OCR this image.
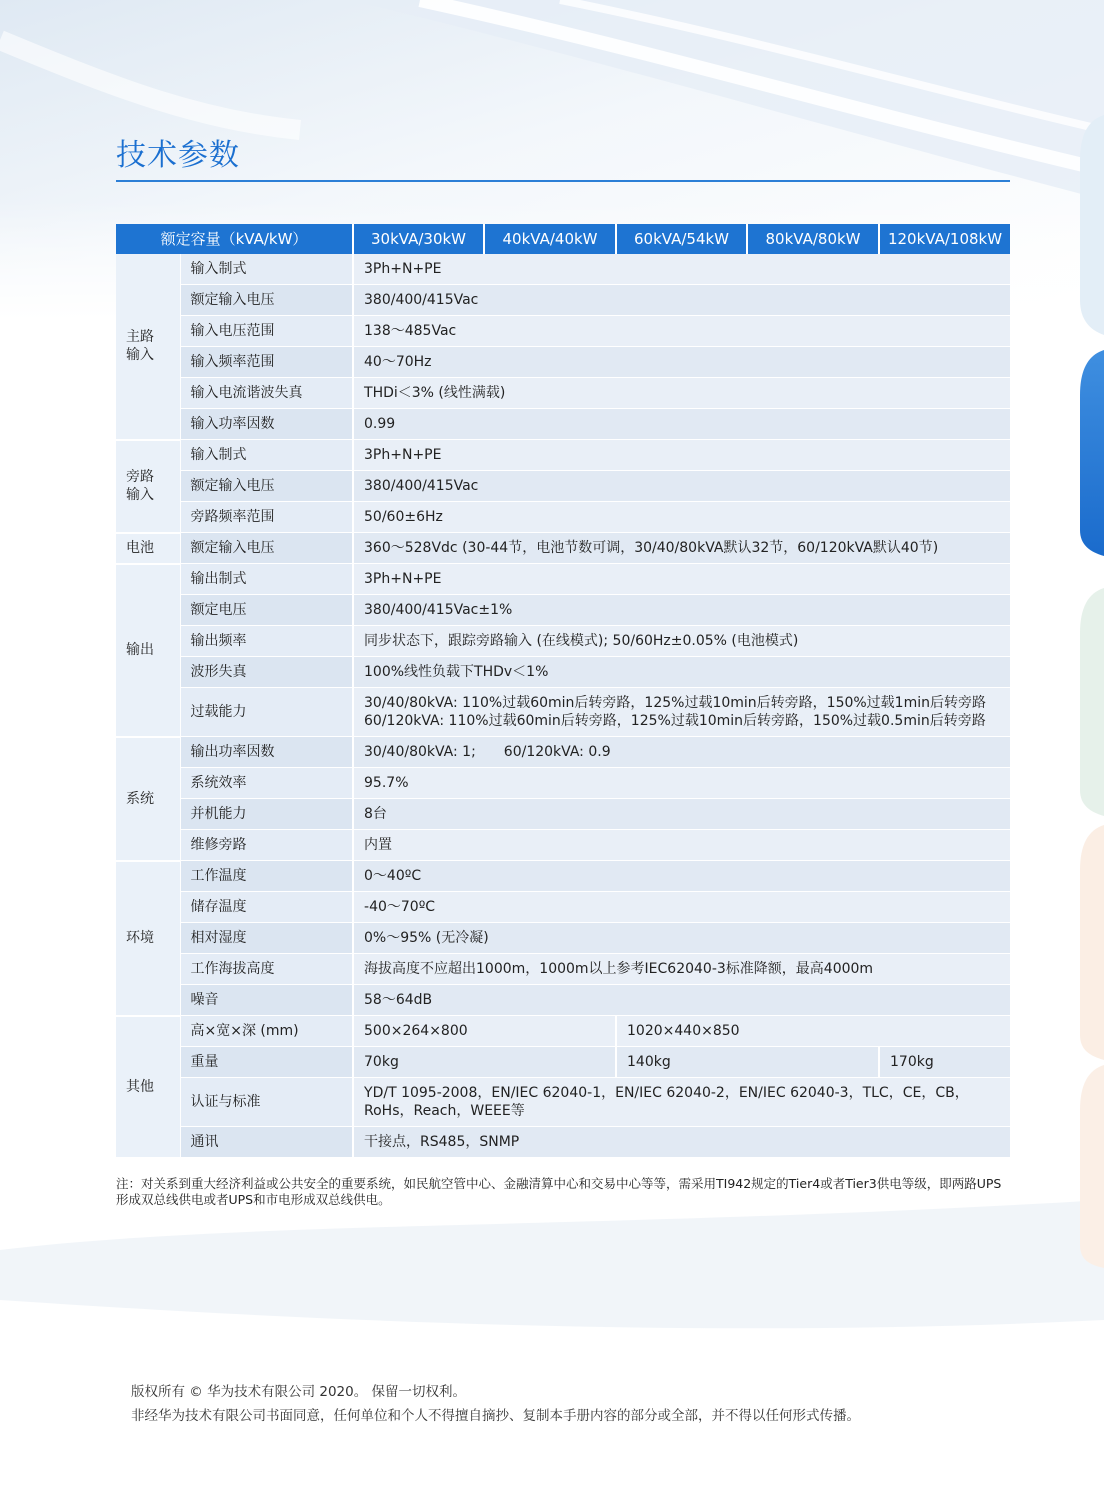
技术参数
额定容量（kVA/kW）		30kVA/30kW	40kVA/40kW	60kVA/54kW	80kVA/80kW	120kVA/108kW
主路
输入	输入制式	3Ph+N+PE				
	额定输入电压	380/400/415Vac				
	输入电压范围	138～485Vac				
	输入频率范围	40～70Hz				
	输入电流谐波失真	THDi＜3% (线性满载)				
	输入功率因数	0.99				
旁路
输入	输入制式	3Ph+N+PE				
	额定输入电压	380/400/415Vac				
	旁路频率范围	50/60±6Hz				
电池	额定输入电压	360～528Vdc (30-44节，电池节数可调，30/40/80kVA默认32节，60/120kVA默认40节)				
输出	输出制式	3Ph+N+PE				
	额定电压	380/400/415Vac±1%				
	输出频率	同步状态下，跟踪旁路输入 (在线模式); 50/60Hz±0.05% (电池模式)				
	波形失真	100%线性负载下THDv＜1%				
	过载能力	30/40/80kVA: 110%过载60min后转旁路，125%过载10min后转旁路，150%过载1min后转旁路
60/120kVA: 110%过载60min后转旁路，125%过载10min后转旁路，150%过载0.5min后转旁路				

系统	输出功率因数	30/40/80kVA: 1;　　60/120kVA: 0.9				
	系统效率	95.7%				
	并机能力	8台				
	维修旁路	内置				
环境	工作温度	0～40ºC				
	储存温度	-40～70ºC				
	相对湿度	0%～95% (无冷凝)				
	工作海拔高度	海拔高度不应超出1000m，1000m以上参考IEC62040-3标准降额，最高4000m				
	噪音	58～64dB				
其他	高×宽×深 (mm)	500×264×800		1020×440×850		
	重量	70kg		140kg		170kg
	认证与标准	YD/T 1095-2008，EN/IEC 62040-1，EN/IEC 62040-2，EN/IEC 62040-3，TLC，CE，CB，
RoHs，Reach，WEEE等				

	通讯	干接点，RS485，SNMP				
注：对关系到重大经济利益或公共安全的重要系统，如民航空管中心、金融清算中心和交易中心等等，需采用TI942规定的Tier4或者Tier3供电等级，即两路UPS形成双总线供电或者UPS和市电形成双总线供电。
版权所有 © 华为技术有限公司 2020。 保留一切权利。
非经华为技术有限公司书面同意，任何单位和个人不得擅自摘抄、复制本手册内容的部分或全部，并不得以任何形式传播。
